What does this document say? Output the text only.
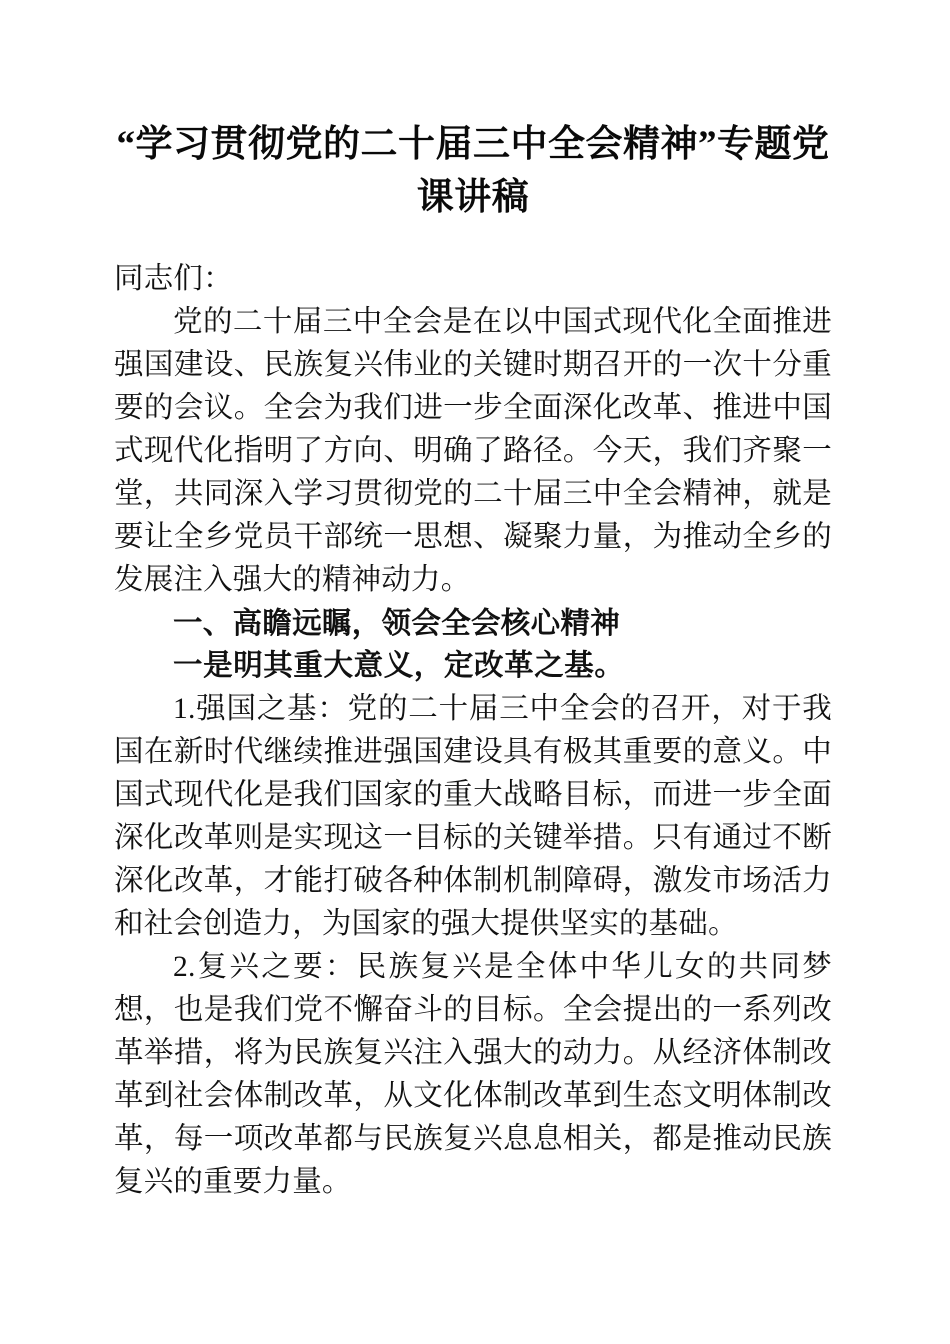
“学习贯彻党的二十届三中全会精神”专题党课讲稿

同志们：

党的二十届三中全会是在以中国式现代化全面推进强国建设、民族复兴伟业的关键时期召开的一次十分重要的会议。全会为我们进一步全面深化改革、推进中国式现代化指明了方向、明确了路径。今天，我们齐聚一堂，共同深入学习贯彻党的二十届三中全会精神，就是要让全乡党员干部统一思想、凝聚力量，为推动全乡的发展注入强大的精神动力。

一、高瞻远瞩，领会全会核心精神

一是明其重大意义，定改革之基。

1.强国之基：党的二十届三中全会的召开，对于我国在新时代继续推进强国建设具有极其重要的意义。中国式现代化是我们国家的重大战略目标，而进一步全面深化改革则是实现这一目标的关键举措。只有通过不断深化改革，才能打破各种体制机制障碍，激发市场活力和社会创造力，为国家的强大提供坚实的基础。

2.复兴之要：民族复兴是全体中华儿女的共同梦想，也是我们党不懈奋斗的目标。全会提出的一系列改革举措，将为民族复兴注入强大的动力。从经济体制改革到社会体制改革，从文化体制改革到生态文明体制改革，每一项改革都与民族复兴息息相关，都是推动民族复兴的重要力量。
